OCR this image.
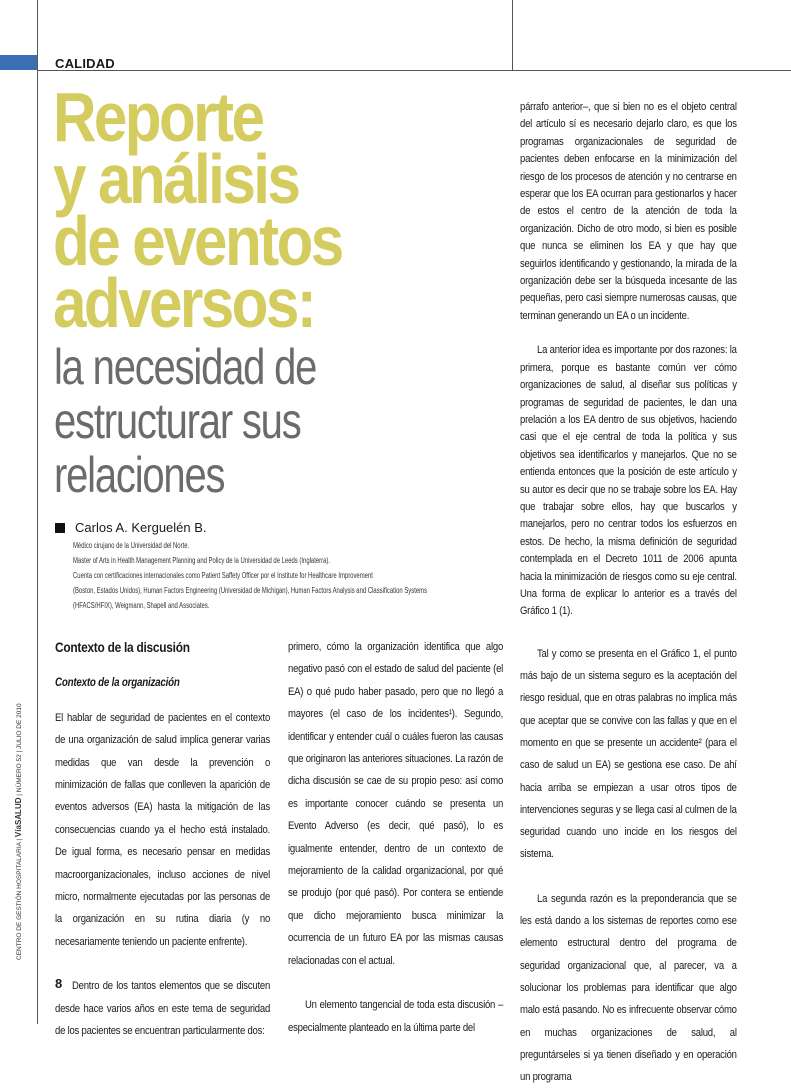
CALIDAD
Reporte
y análisis
de eventos
adversos:
la necesidad de
estructurar sus
relaciones
Carlos A. Kerguelén B.
Médico cirujano de la Universidad del Norte.
Master of Arts in Health Management Planning and Policy de la Universidad de Leeds (Inglaterra).
Cuenta con certificaciones internacionales como Patient Saffety Officer por el Institute for Healthcare Improvement
(Boston, Estados Unidos), Human Factors Engineering (Universidad de Michigan), Human Factors Analysis and Classification Systems
(HFACS/HFIX), Weigmann, Shapell and Associates.
Contexto de la discusión
Contexto de la organización

El hablar de seguridad de pacientes en el contexto de una organización de salud implica generar varias medidas que van desde la prevención o minimización de fallas que conlleven la aparición de eventos adversos (EA) hasta la mitigación de las consecuencias cuando ya el hecho está instalado. De igual forma, es necesario pensar en medidas macroorganizacionales, incluso acciones de nivel micro, normalmente ejecutadas por las personas de la organización en su rutina diaria (y no necesariamente teniendo un paciente enfrente).

Dentro de los tantos elementos que se discuten desde hace varios años en este tema de seguridad de los pacientes se encuentran particularmente dos:

primero, cómo la organización identifica que algo negativo pasó con el estado de salud del paciente (el EA) o qué pudo haber pasado, pero que no llegó a mayores (el caso de los incidentes¹). Segundo, identificar y entender cuál o cuáles fueron las causas que originaron las anteriores situaciones. La razón de dicha discusión se cae de su propio peso: así como es importante conocer cuándo se presenta un Evento Adverso (es decir, qué pasó), lo es igualmente entender, dentro de un contexto de mejoramiento de la calidad organizacional, por qué se produjo (por qué pasó). Por contera se entiende que dicho mejoramiento busca minimizar la ocurrencia de un futuro EA por las mismas causas relacionadas con el actual.

Un elemento tangencial de toda esta discusión –especialmente planteado en la última parte del

párrafo anterior–, que si bien no es el objeto central del artículo sí es necesario dejarlo claro, es que los programas organizacionales de seguridad de pacientes deben enfocarse en la minimización del riesgo de los procesos de atención y no centrarse en esperar que los EA ocurran para gestionarlos y hacer de estos el centro de la atención de toda la organización. Dicho de otro modo, si bien es posible que nunca se eliminen los EA y que hay que seguirlos identificando y gestionando, la mirada de la organización debe ser la búsqueda incesante de las pequeñas, pero casi siempre numerosas causas, que terminan generando un EA o un incidente.

La anterior idea es importante por dos razones: la primera, porque es bastante común ver cómo organizaciones de salud, al diseñar sus políticas y programas de seguridad de pacientes, le dan una prelación a los EA dentro de sus objetivos, haciendo casi que el eje central de toda la política y sus objetivos sea identificarlos y manejarlos. Que no se entienda entonces que la posición de este artículo y su autor es decir que no se trabaje sobre los EA. Hay que trabajar sobre ellos, hay que buscarlos y manejarlos, pero no centrar todos los esfuerzos en estos. De hecho, la misma definición de seguridad contemplada en el Decreto 1011 de 2006 apunta hacia la minimización de riesgos como su eje central. Una forma de explicar lo anterior es a través del Gráfico 1 (1).

Tal y como se presenta en el Gráfico 1, el punto más bajo de un sistema seguro es la aceptación del riesgo residual, que en otras palabras no implica más que aceptar que se convive con las fallas y que en el momento en que se presente un accidente² (para el caso de salud un EA) se gestiona ese caso. De ahí hacia arriba se empiezan a usar otros tipos de intervenciones seguras y se llega casi al culmen de la seguridad cuando uno incide en los riesgos del sistema.

La segunda razón es la preponderancia que se les está dando a los sistemas de reportes como ese elemento estructural dentro del programa de seguridad organizacional que, al parecer, va a solucionar los problemas para identificar que algo malo está pasando. No es infrecuente observar cómo en muchas organizaciones de salud, al preguntárseles si ya tienen diseñado y en operación un programa

CENTRO DE GESTIÓN HOSPITALARIA | VíaSALUD | NÚMERO 52 | JULIO DE 2010
8
